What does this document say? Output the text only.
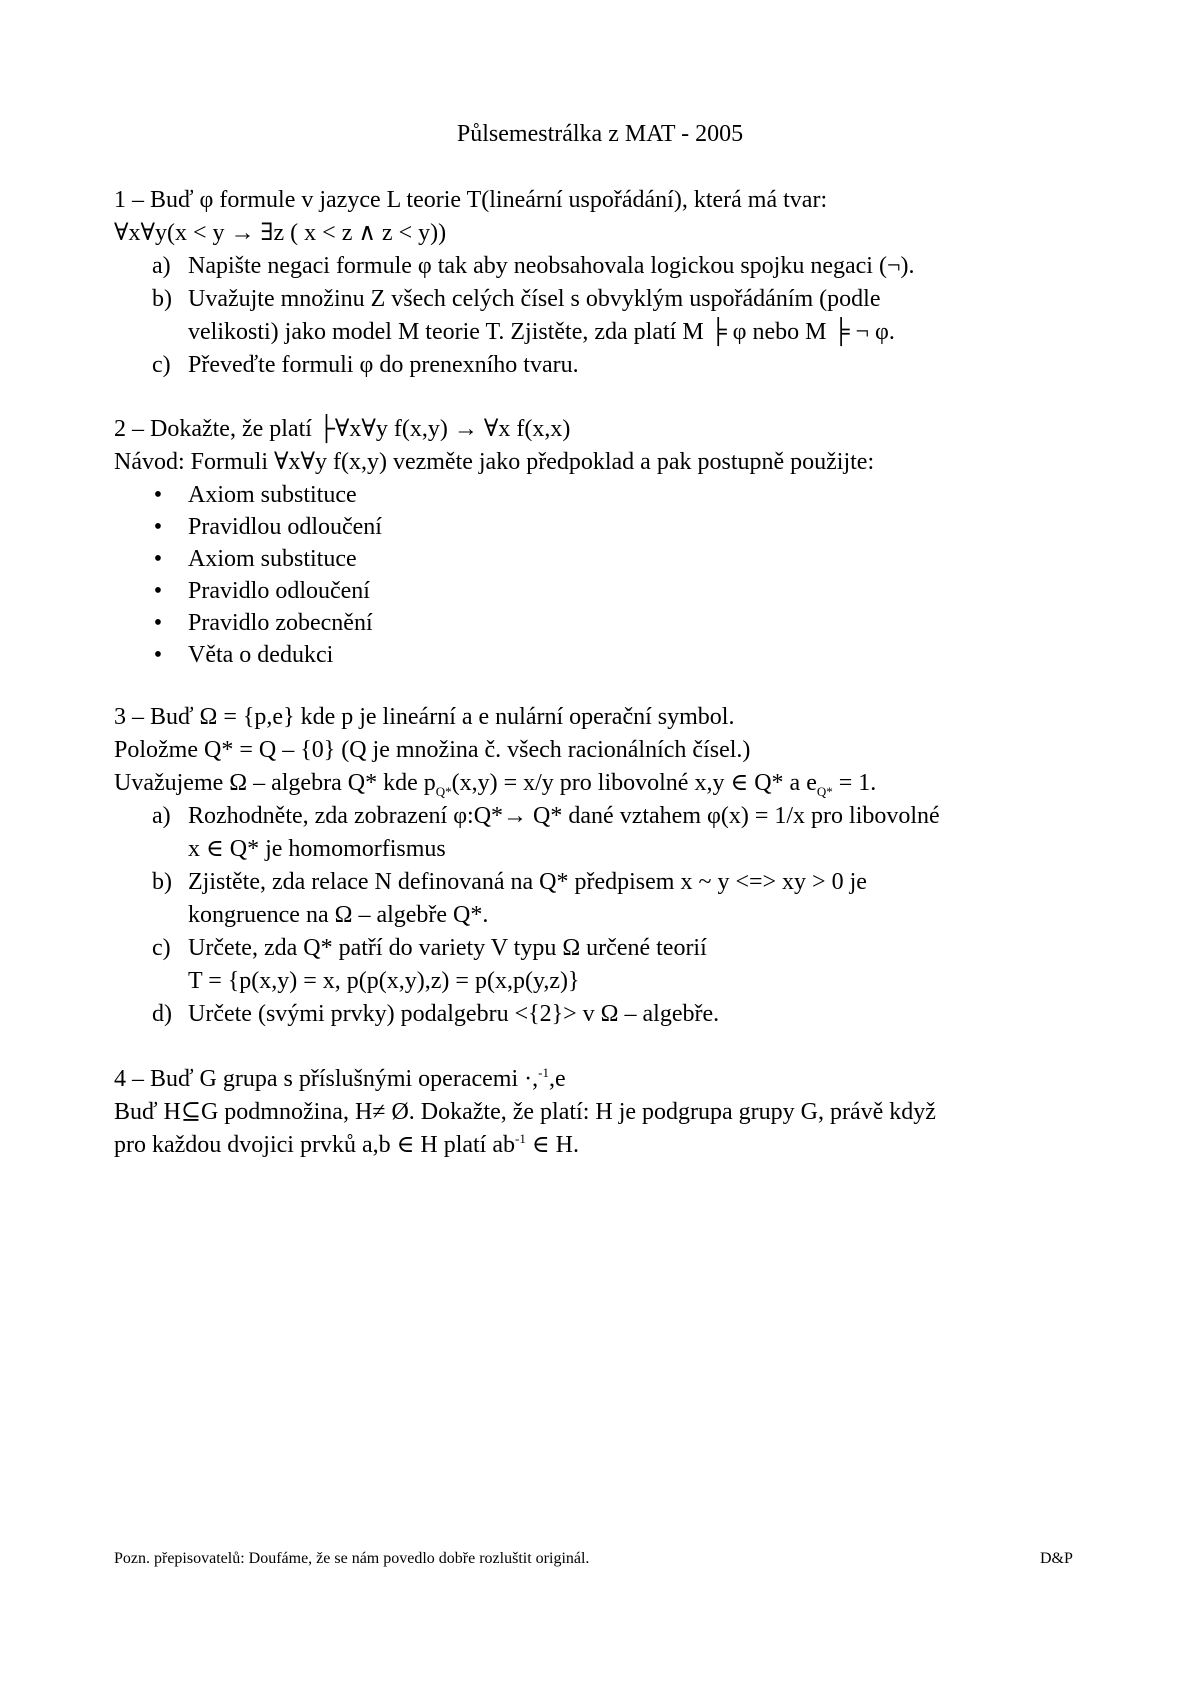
Půlsemestrálka z MAT - 2005
1 – Buď φ formule v jazyce L teorie T(lineární uspořádání), která má tvar:
∀x∀y(x < y → ∃z ( x < z ∧ z < y))
a) Napište negaci formule φ tak aby neobsahovala logickou spojku negaci (¬).
b) Uvažujte množinu Z všech celých čísel s obvyklým uspořádáním (podle
velikosti) jako model M teorie T. Zjistěte, zda platí M ╞ φ nebo M ╞ ¬ φ.
c) Převeďte formuli φ do prenexního tvaru.
2 – Dokažte, že platí ├∀x∀y f(x,y) → ∀x f(x,x)
Návod: Formuli ∀x∀y f(x,y) vezměte jako předpoklad a pak postupně použijte:
• Axiom substituce
• Pravidlou odloučení
• Axiom substituce
• Pravidlo odloučení
• Pravidlo zobecnění
• Věta o dedukci
3 – Buď Ω = {p,e} kde p je lineární a e nulární operační symbol.
Položme Q* = Q – {0} (Q je množina č. všech racionálních čísel.)
Uvažujeme Ω – algebra Q* kde $p_{Q*}(x,y) = x/y$ pro libovolné x,y ∈ Q* a $e_{Q*} = 1$.
a) Rozhodněte, zda zobrazení φ:Q*→ Q* dané vztahem φ(x) = 1/x pro libovolné
x ∈ Q* je homomorfismus
b) Zjistěte, zda relace N definovaná na Q* předpisem x ~ y <=> xy > 0 je
kongruence na Ω – algebře Q*.
c) Určete, zda Q* patří do variety V typu Ω určené teorií
T = {p(x,y) = x, p(p(x,y),z) = p(x,p(y,z)}
d) Určete (svými prvky) podalgebru <{2}> v Ω – algebře.
4 – Buď G grupa s příslušnými operacemi ·,$^{-1}$,e
Buď H⊆G podmnožina, H≠ Ø. Dokažte, že platí: H je podgrupa grupy G, právě když
pro každou dvojici prvků a,b ∈ H platí $ab^{-1}$ ∈ H.
Pozn. přepisovatelů: Doufáme, že se nám povedlo dobře rozluštit originál.	D&P
